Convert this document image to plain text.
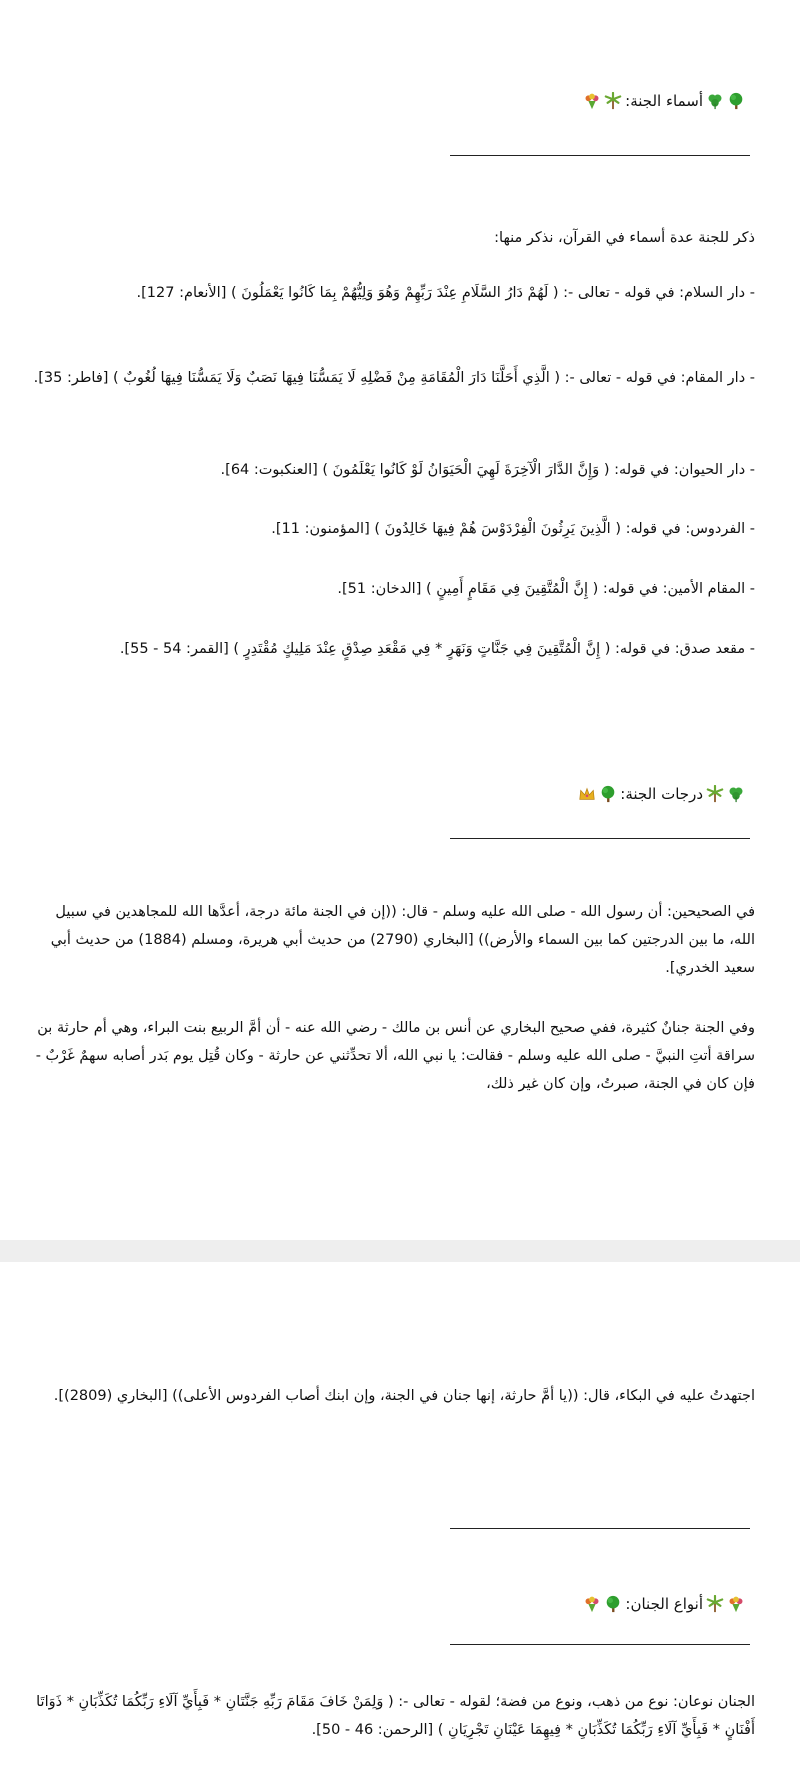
أسماء الجنة:

ذكر للجنة عدة أسماء في القرآن، نذكر منها:

- دار السلام: في قوله - تعالى -: ( لَهُمْ دَارُ السَّلَامِ عِنْدَ رَبِّهِمْ وَهُوَ وَلِيُّهُمْ بِمَا كَانُوا يَعْمَلُونَ ) [الأنعام: 127].

- دار المقام: في قوله - تعالى -: ( الَّذِي أَحَلَّنَا دَارَ الْمُقَامَةِ مِنْ فَضْلِهِ لَا يَمَسُّنَا فِيهَا نَصَبٌ وَلَا يَمَسُّنَا فِيهَا لُغُوبٌ ) [فاطر: 35].

- دار الحيوان: في قوله: ( وَإِنَّ الدَّارَ الْآخِرَةَ لَهِيَ الْحَيَوَانُ لَوْ كَانُوا يَعْلَمُونَ ) [العنكبوت: 64].

- الفردوس: في قوله: ( الَّذِينَ يَرِثُونَ الْفِرْدَوْسَ هُمْ فِيهَا خَالِدُونَ ) [المؤمنون: 11].

- المقام الأمين: في قوله: ( إِنَّ الْمُتَّقِينَ فِي مَقَامٍ أَمِينٍ ) [الدخان: 51].

- مقعد صدق: في قوله: ( إِنَّ الْمُتَّقِينَ فِي جَنَّاتٍ وَنَهَرٍ * فِي مَقْعَدِ صِدْقٍ عِنْدَ مَلِيكٍ مُقْتَدِرٍ ) [القمر: 54 - 55].

درجات الجنة:

في الصحيحين: أن رسول الله - صلى الله عليه وسلم - قال: ((إن في الجنة مائة درجة، أعدَّها الله للمجاهدين في سبيل الله، ما بين الدرجتين كما بين السماء والأرض)) [البخاري (2790) من حديث أبي هريرة، ومسلم (1884) من حديث أبي سعيد الخدري].

وفي الجنة جنانٌ كثيرة، ففي صحيح البخاري عن أنس بن مالك - رضي الله عنه - أن أمَّ الربيع بنت البراء، وهي أم حارثة بن سراقة أتتِ النبيَّ - صلى الله عليه وسلم - فقالت: يا نبي الله، ألا تحدِّثني عن حارثة - وكان قُتِل يوم بَدر أصابه سهمٌ غَرْبٌ - فإن كان في الجنة، صبرتُ، وإن كان غير ذلك،

اجتهدتُ عليه في البكاء، قال: ((يا أمَّ حارثة، إنها جنان في الجنة، وإن ابنك أصاب الفردوس الأعلى)) [البخاري (2809)].

أنواع الجنان:

الجنان نوعان: نوع من ذهب، ونوع من فضة؛ لقوله - تعالى -: ( وَلِمَنْ خَافَ مَقَامَ رَبِّهِ جَنَّتَانِ * فَبِأَيِّ آلَاءِ رَبِّكُمَا تُكَذِّبَانِ * ذَوَاتَا أَفْنَانٍ * فَبِأَيِّ آلَاءِ رَبِّكُمَا تُكَذِّبَانِ * فِيهِمَا عَيْنَانِ تَجْرِيَانِ ) [الرحمن: 46 - 50].
